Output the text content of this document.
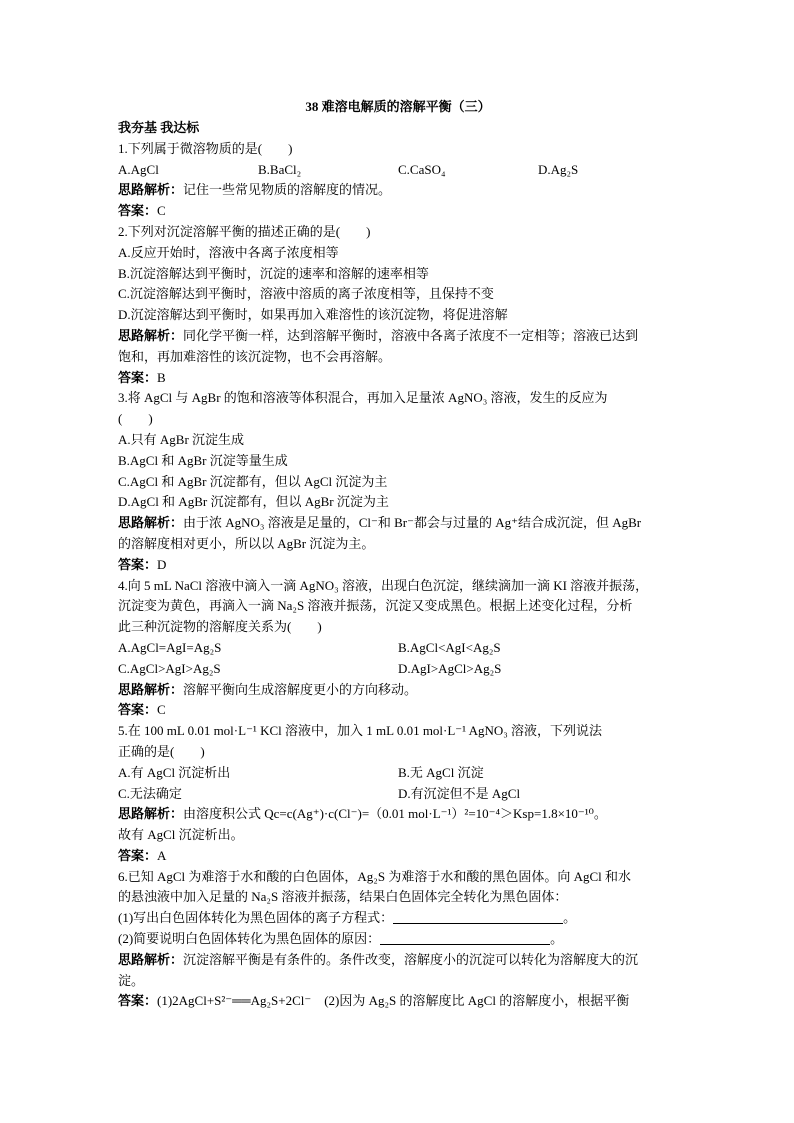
38 难溶电解质的溶解平衡（三）
我夯基 我达标
1.下列属于微溶物质的是(　　)
A.AgCl	B.BaCl₂	C.CaSO₄	D.Ag₂S
思路解析：记住一些常见物质的溶解度的情况。
答案：C
2.下列对沉淀溶解平衡的描述正确的是(　　)
A.反应开始时，溶液中各离子浓度相等
B.沉淀溶解达到平衡时，沉淀的速率和溶解的速率相等
C.沉淀溶解达到平衡时，溶液中溶质的离子浓度相等，且保持不变
D.沉淀溶解达到平衡时，如果再加入难溶性的该沉淀物，将促进溶解
思路解析：同化学平衡一样，达到溶解平衡时，溶液中各离子浓度不一定相等；溶液已达到
饱和，再加难溶性的该沉淀物，也不会再溶解。
答案：B
3.将 AgCl 与 AgBr 的饱和溶液等体积混合，再加入足量浓 AgNO₃ 溶液，发生的反应为
(　　)
A.只有 AgBr 沉淀生成
B.AgCl 和 AgBr 沉淀等量生成
C.AgCl 和 AgBr 沉淀都有，但以 AgCl 沉淀为主
D.AgCl 和 AgBr 沉淀都有，但以 AgBr 沉淀为主
思路解析：由于浓 AgNO₃ 溶液是足量的，Cl⁻和 Br⁻都会与过量的 Ag⁺结合成沉淀，但 AgBr
的溶解度相对更小，所以以 AgBr 沉淀为主。
答案：D
4.向 5 mL NaCl 溶液中滴入一滴 AgNO₃ 溶液，出现白色沉淀，继续滴加一滴 KI 溶液并振荡，
沉淀变为黄色，再滴入一滴 Na₂S 溶液并振荡，沉淀又变成黑色。根据上述变化过程，分析
此三种沉淀物的溶解度关系为(　　)
A.AgCl=AgI=Ag₂S	B.AgCl<AgI<Ag₂S
C.AgCl>AgI>Ag₂S	D.AgI>AgCl>Ag₂S
思路解析：溶解平衡向生成溶解度更小的方向移动。
答案：C
5.在 100 mL 0.01 mol·L⁻¹ KCl 溶液中，加入 1 mL 0.01 mol·L⁻¹ AgNO₃ 溶液，下列说法
正确的是(　　)
A.有 AgCl 沉淀析出	B.无 AgCl 沉淀
C.无法确定	D.有沉淀但不是 AgCl
思路解析：由溶度积公式 Qc=c(Ag⁺)·c(Cl⁻)=（0.01 mol·L⁻¹）²=10⁻⁴＞Ksp=1.8×10⁻¹⁰。
故有 AgCl 沉淀析出。
答案：A
6.已知 AgCl 为难溶于水和酸的白色固体，Ag₂S 为难溶于水和酸的黑色固体。向 AgCl 和水
的悬浊液中加入足量的 Na₂S 溶液并振荡，结果白色固体完全转化为黑色固体：
(1)写出白色固体转化为黑色固体的离子方程式：	。
(2)简要说明白色固体转化为黑色固体的原因：	。
思路解析：沉淀溶解平衡是有条件的。条件改变，溶解度小的沉淀可以转化为溶解度大的沉
淀。
答案：(1)2AgCl+S²⁻══Ag₂S+2Cl⁻　(2)因为 Ag₂S 的溶解度比 AgCl 的溶解度小，根据平衡
